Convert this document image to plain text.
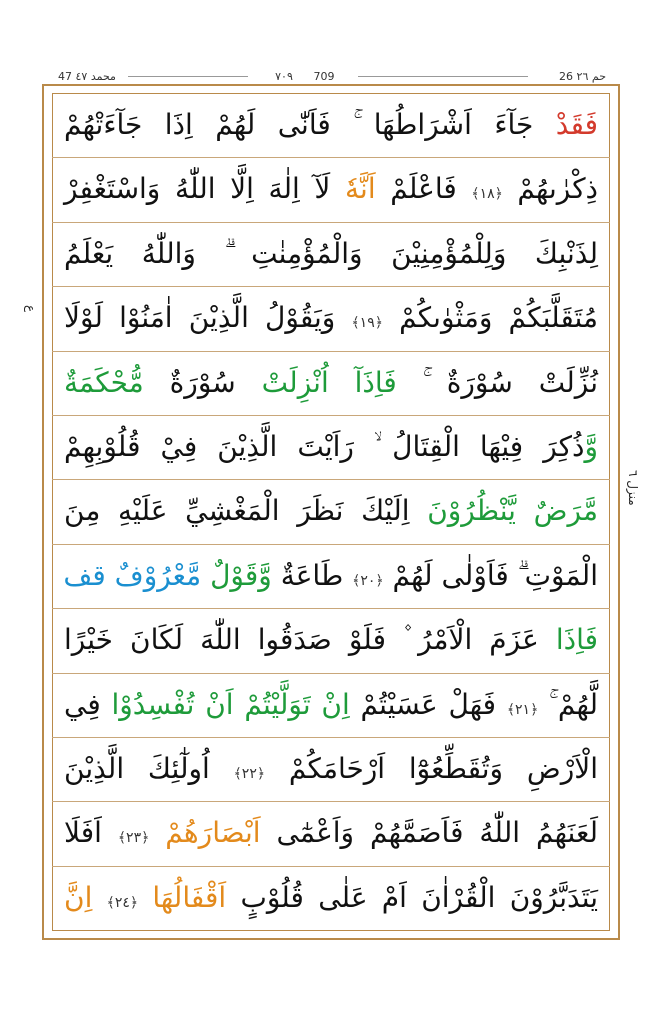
47 محمد ٤٧	٧٠٩	709	26 حم ٢٦
ع
منزل ٦
فَقَدْ جَآءَ اَشْرَاطُهَا ۚ فَاَنّٰى لَهُمْ اِذَا جَآءَتْهُمْ
ذِكْرٰىهُمْ ﴿١٨﴾ فَاعْلَمْ اَنَّهٗ لَآ اِلٰهَ اِلَّا اللّٰهُ وَاسْتَغْفِرْ
لِذَنْبِكَ وَلِلْمُؤْمِنِيْنَ وَالْمُؤْمِنٰتِ ۗ وَاللّٰهُ يَعْلَمُ
مُتَقَلَّبَكُمْ وَمَثْوٰىكُمْ ﴿١٩﴾ وَيَقُوْلُ الَّذِيْنَ اٰمَنُوْا لَوْلَا
نُزِّلَتْ سُوْرَةٌ ۚ فَاِذَآ اُنْزِلَتْ سُوْرَةٌ مُّحْكَمَةٌ
وَّذُكِرَ فِيْهَا الْقِتَالُ ۙ رَاَيْتَ الَّذِيْنَ فِيْ قُلُوْبِهِمْ
مَّرَضٌ يَّنْظُرُوْنَ اِلَيْكَ نَظَرَ الْمَغْشِيِّ عَلَيْهِ مِنَ
الْمَوْتِ ۗ فَاَوْلٰى لَهُمْ ﴿٢٠﴾ طَاعَةٌ وَّقَوْلٌ مَّعْرُوْفٌ قف
فَاِذَا عَزَمَ الْاَمْرُ ۫ فَلَوْ صَدَقُوا اللّٰهَ لَكَانَ خَيْرًا
لَّهُمْ ۚ ﴿٢١﴾ فَهَلْ عَسَيْتُمْ اِنْ تَوَلَّيْتُمْ اَنْ تُفْسِدُوْا فِي
الْاَرْضِ وَتُقَطِّعُوْٓا اَرْحَامَكُمْ ﴿٢٢﴾ اُولٰٓئِكَ الَّذِيْنَ
لَعَنَهُمُ اللّٰهُ فَاَصَمَّهُمْ وَاَعْمٰٓى اَبْصَارَهُمْ ﴿٢٣﴾ اَفَلَا
يَتَدَبَّرُوْنَ الْقُرْاٰنَ اَمْ عَلٰى قُلُوْبٍ اَقْفَالُهَا ﴿٢٤﴾ اِنَّ
